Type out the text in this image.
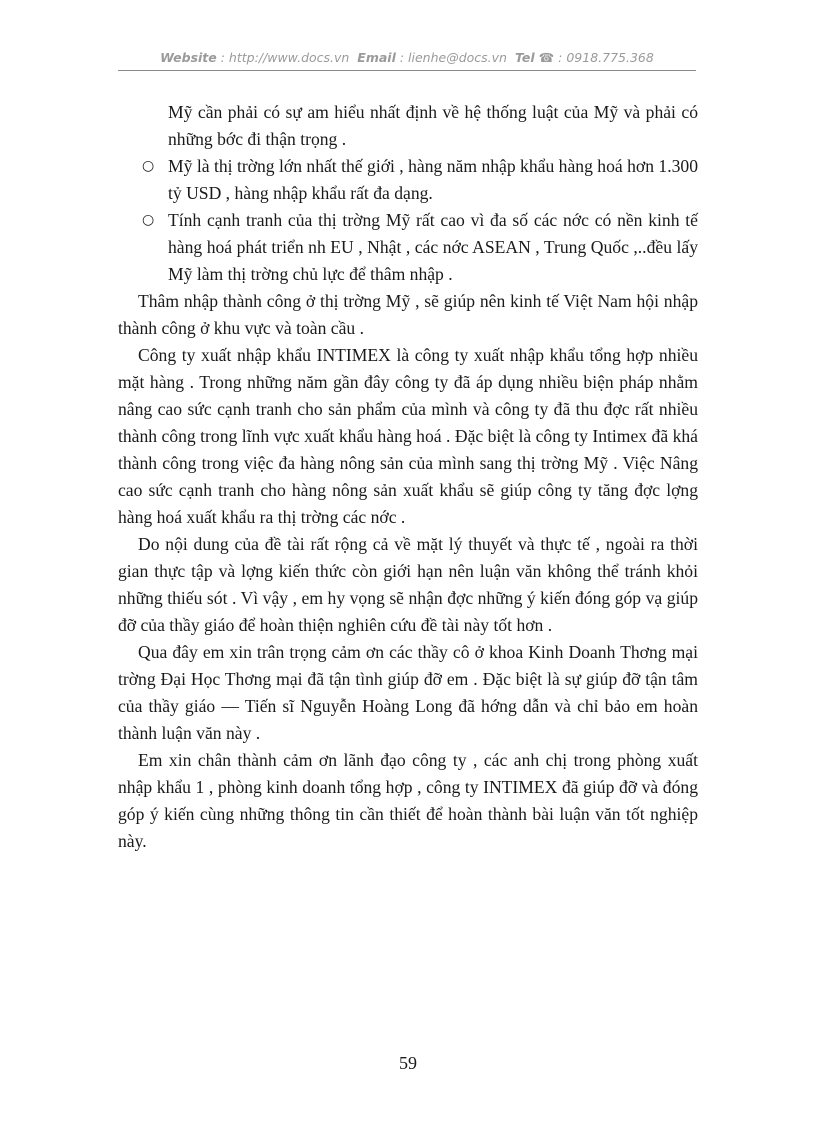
Website : http://www.docs.vn Email : lienhe@docs.vn Tel ☎ : 0918.775.368

Mỹ cần phải có sự am hiểu nhất định về hệ thống luật của Mỹ và phải có những bớc đi thận trọng .

○ Mỹ là thị trờng lớn nhất thế giới , hàng năm nhập khẩu hàng hoá hơn 1.300 tỷ USD , hàng nhập khẩu rất đa dạng.
○ Tính cạnh tranh của thị trờng Mỹ rất cao vì đa số các nớc có nền kinh tế hàng hoá phát triển nh EU , Nhật , các nớc ASEAN , Trung Quốc ,..đều lấy Mỹ làm thị trờng chủ lực để thâm nhập .

Thâm nhập thành công ở thị trờng Mỹ , sẽ giúp nên kinh tế Việt Nam hội nhập thành công ở khu vực và toàn cầu .

Công ty xuất nhập khẩu INTIMEX là công ty xuất nhập khẩu tổng hợp nhiều mặt hàng . Trong những năm gần đây công ty đã áp dụng nhiều biện pháp nhằm nâng cao sức cạnh tranh cho sản phẩm của mình và công ty đã thu đợc rất nhiều thành công trong lĩnh vực xuất khẩu hàng hoá . Đặc biệt là công ty Intimex đã khá thành công trong việc đa hàng nông sản của mình sang thị trờng Mỹ . Việc Nâng cao sức cạnh tranh cho hàng nông sản xuất khẩu sẽ giúp công ty tăng đợc lợng hàng hoá xuất khẩu ra thị trờng các nớc .

Do nội dung của đề tài rất rộng cả về mặt lý thuyết và thực tế , ngoài ra thời gian thực tập và lợng kiến thức còn giới hạn nên luận văn không thể tránh khỏi những thiếu sót . Vì vậy , em hy vọng sẽ nhận đợc những ý kiến đóng góp vạ giúp đỡ của thầy giáo để hoàn thiện nghiên cứu đề tài này tốt hơn .

Qua đây em xin trân trọng cảm ơn các thầy cô ở khoa Kinh Doanh Thơng mại trờng Đại Học Thơng mại đã tận tình giúp đỡ em . Đặc biệt là sự giúp đỡ tận tâm của thầy giáo — Tiến sĩ Nguyễn Hoàng Long đã hớng dẫn và chỉ bảo em hoàn thành luận văn này .

Em xin chân thành cảm ơn lãnh đạo công ty , các anh chị trong phòng xuất nhập khẩu 1 , phòng kinh doanh tổng hợp , công ty INTIMEX đã giúp đỡ và đóng góp ý kiến cùng những thông tin cần thiết để hoàn thành bài luận văn tốt nghiệp này.

59
